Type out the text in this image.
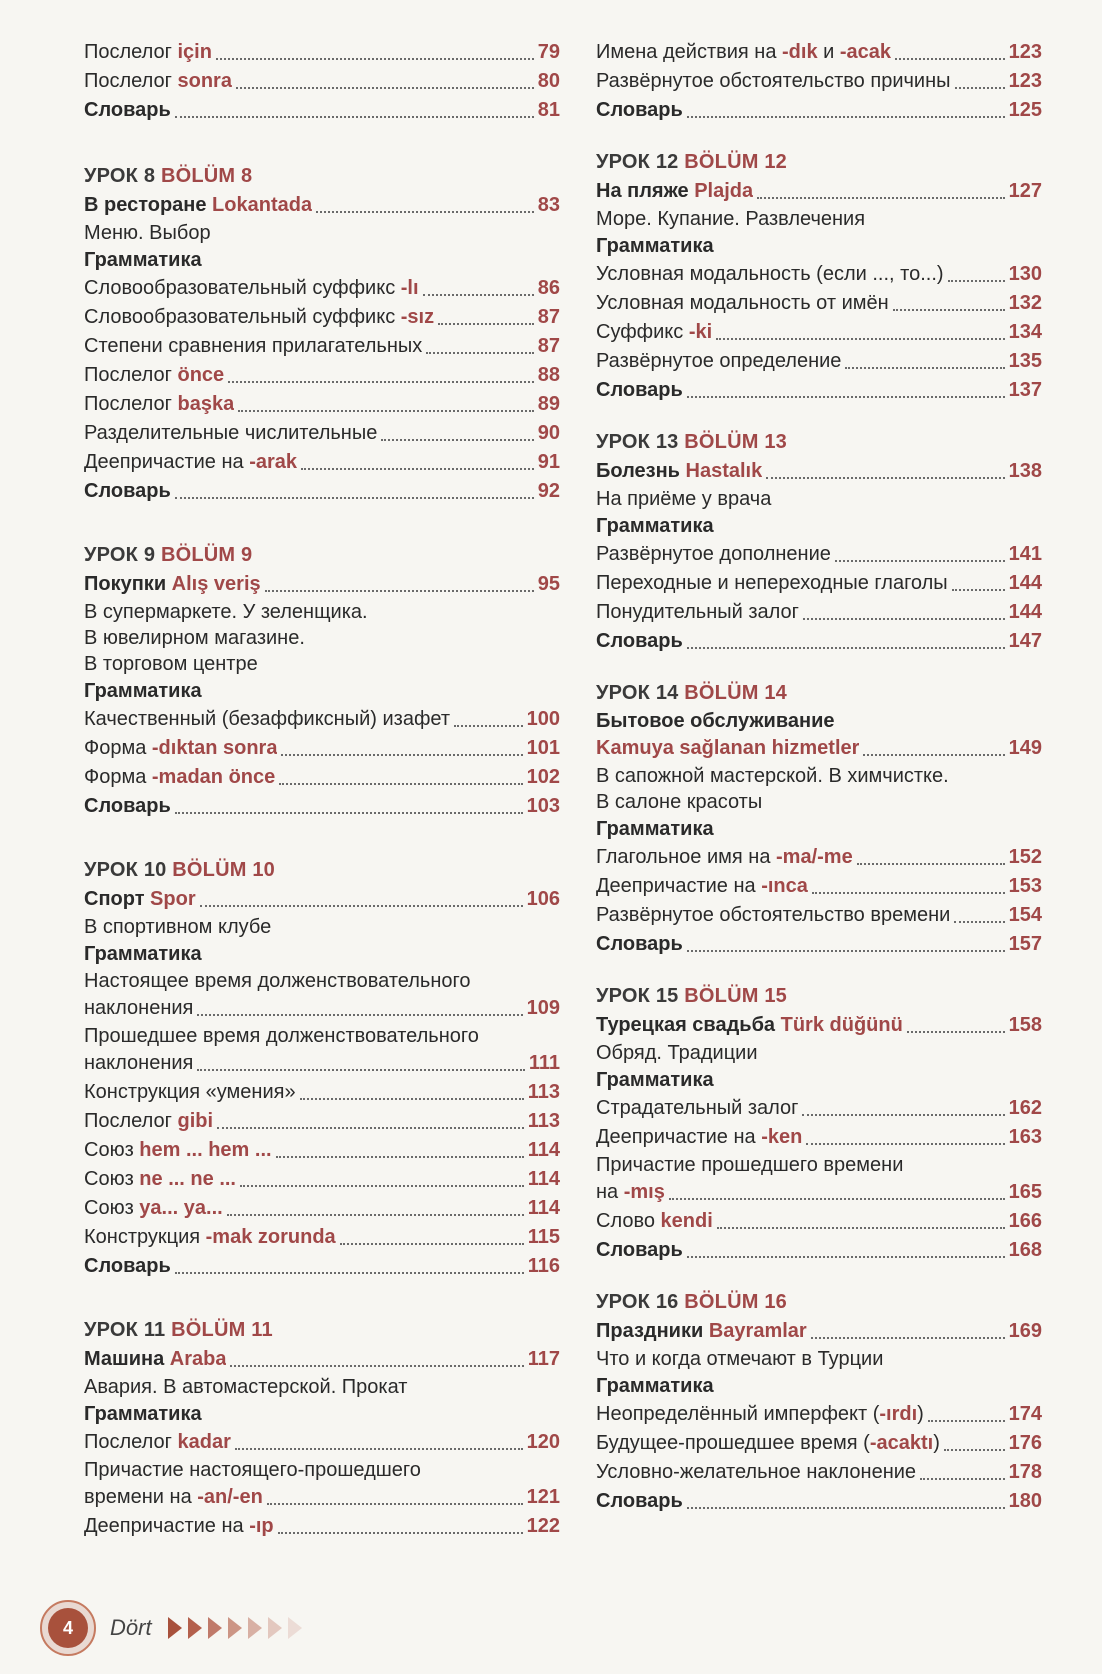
Послелог için	79
Послелог sonra	80
Словарь	81
УРОК 8 BÖLÜM 8
В ресторане Lokantada	83
Меню. Выбор
Грамматика
Словообразовательный суффикс -lı	86
Словообразовательный суффикс -sız	87
Степени сравнения прилагательных	87
Послелог önce	88
Послелог başka	89
Разделительные числительные	90
Деепричастие на -arak	91
Словарь	92
УРОК 9 BÖLÜM 9
Покупки Alış veriş	95
В супермаркете. У зеленщика.
В ювелирном магазине.
В торговом центре
Грамматика
Качественный (безаффиксный) изафет	100
Форма -dıktan sonra	101
Форма -madan önce	102
Словарь	103
УРОК 10 BÖLÜM 10
Спорт Spor	106
В спортивном клубе
Грамматика
Настоящее время долженствовательного
наклонения	109
Прошедшее время долженствовательного
наклонения	111
Конструкция «умения»	113
Послелог gibi	113
Союз hem ... hem ...	114
Союз ne ... ne ...	114
Союз ya... ya...	114
Конструкция -mak zorunda	115
Словарь	116
УРОК 11 BÖLÜM 11
Машина Araba	117
Авария. В автомастерской. Прокат
Грамматика
Послелог kadar	120
Причастие настоящего-прошедшего
времени на -an/-en	121
Деепричастие на -ıp	122
Имена действия на -dık и -acak	123
Развёрнутое обстоятельство причины	123
Словарь	125
УРОК 12 BÖLÜM 12
На пляже Plajda	127
Море. Купание. Развлечения
Грамматика
Условная модальность (если ..., то...)	130
Условная модальность от имён	132
Суффикс -ki	134
Развёрнутое определение	135
Словарь	137
УРОК 13 BÖLÜM 13
Болезнь Hastalık	138
На приёме у врача
Грамматика
Развёрнутое дополнение	141
Переходные и непереходные глаголы	144
Понудительный залог	144
Словарь	147
УРОК 14 BÖLÜM 14
Бытовое обслуживание
Kamuya sağlanan hizmetler	149
В сапожной мастерской. В химчистке.
В салоне красоты
Грамматика
Глагольное имя на -ma/-me	152
Деепричастие на -ınca	153
Развёрнутое обстоятельство времени	154
Словарь	157
УРОК 15 BÖLÜM 15
Турецкая свадьба Türk düğünü	158
Обряд. Традиции
Грамматика
Страдательный залог	162
Деепричастие на -ken	163
Причастие прошедшего времени
на -mış	165
Слово kendi	166
Словарь	168
УРОК 16 BÖLÜM 16
Праздники Bayramlar	169
Что и когда отмечают в Турции
Грамматика
Неопределённый имперфект (-ırdı)	174
Будущее-прошедшее время (-acaktı)	176
Условно-желательное наклонение	178
Словарь	180
4	Dört
